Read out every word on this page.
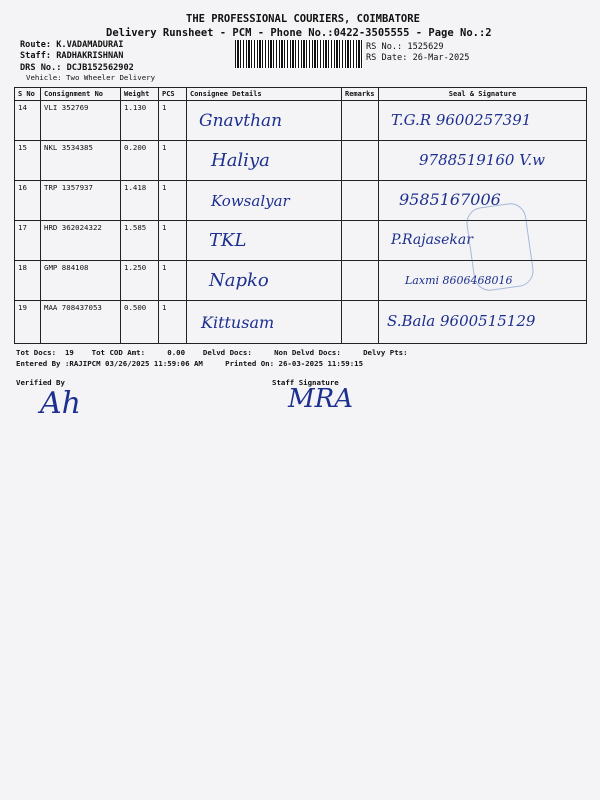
THE PROFESSIONAL COURIERS, COIMBATORE
Delivery Runsheet - PCM - Phone No.:0422-3505555 - Page No.:2
Route: K.VADAMADURAI
Staff: RADHAKRISHNAN
DRS No.: DCJB152562902
Vehicle: Two Wheeler Delivery
RS No.: 1525629
RS Date: 26-Mar-2025
S No	Consignment No	Weight	PCS	Consignee Details	Remarks	Seal & Signature
14	VLI 352769	1.130	1	Gnavthan		T.G.R 9600257391
15	NKL 3534385	0.200	1	Haliya		9788519160 V.w
16	TRP 1357937	1.418	1	Kowsalyar		9585167006
17	HRD 362024322	1.585	1	TKL		P.Rajasekar
18	GMP 884108	1.250	1	Napko		Laxmi 8606468016
19	MAA 708437053	0.500	1	Kittusam		S.Bala 9600515129
Tot Docs:  19    Tot COD Amt:     0.00    Delvd Docs:     Non Delvd Docs:     Delvy Pts:
Entered By :RAJIPCM 03/26/2025 11:59:06 AM     Printed On: 26-03-2025 11:59:15
Verified By	Staff Signature
Ah	MRA
